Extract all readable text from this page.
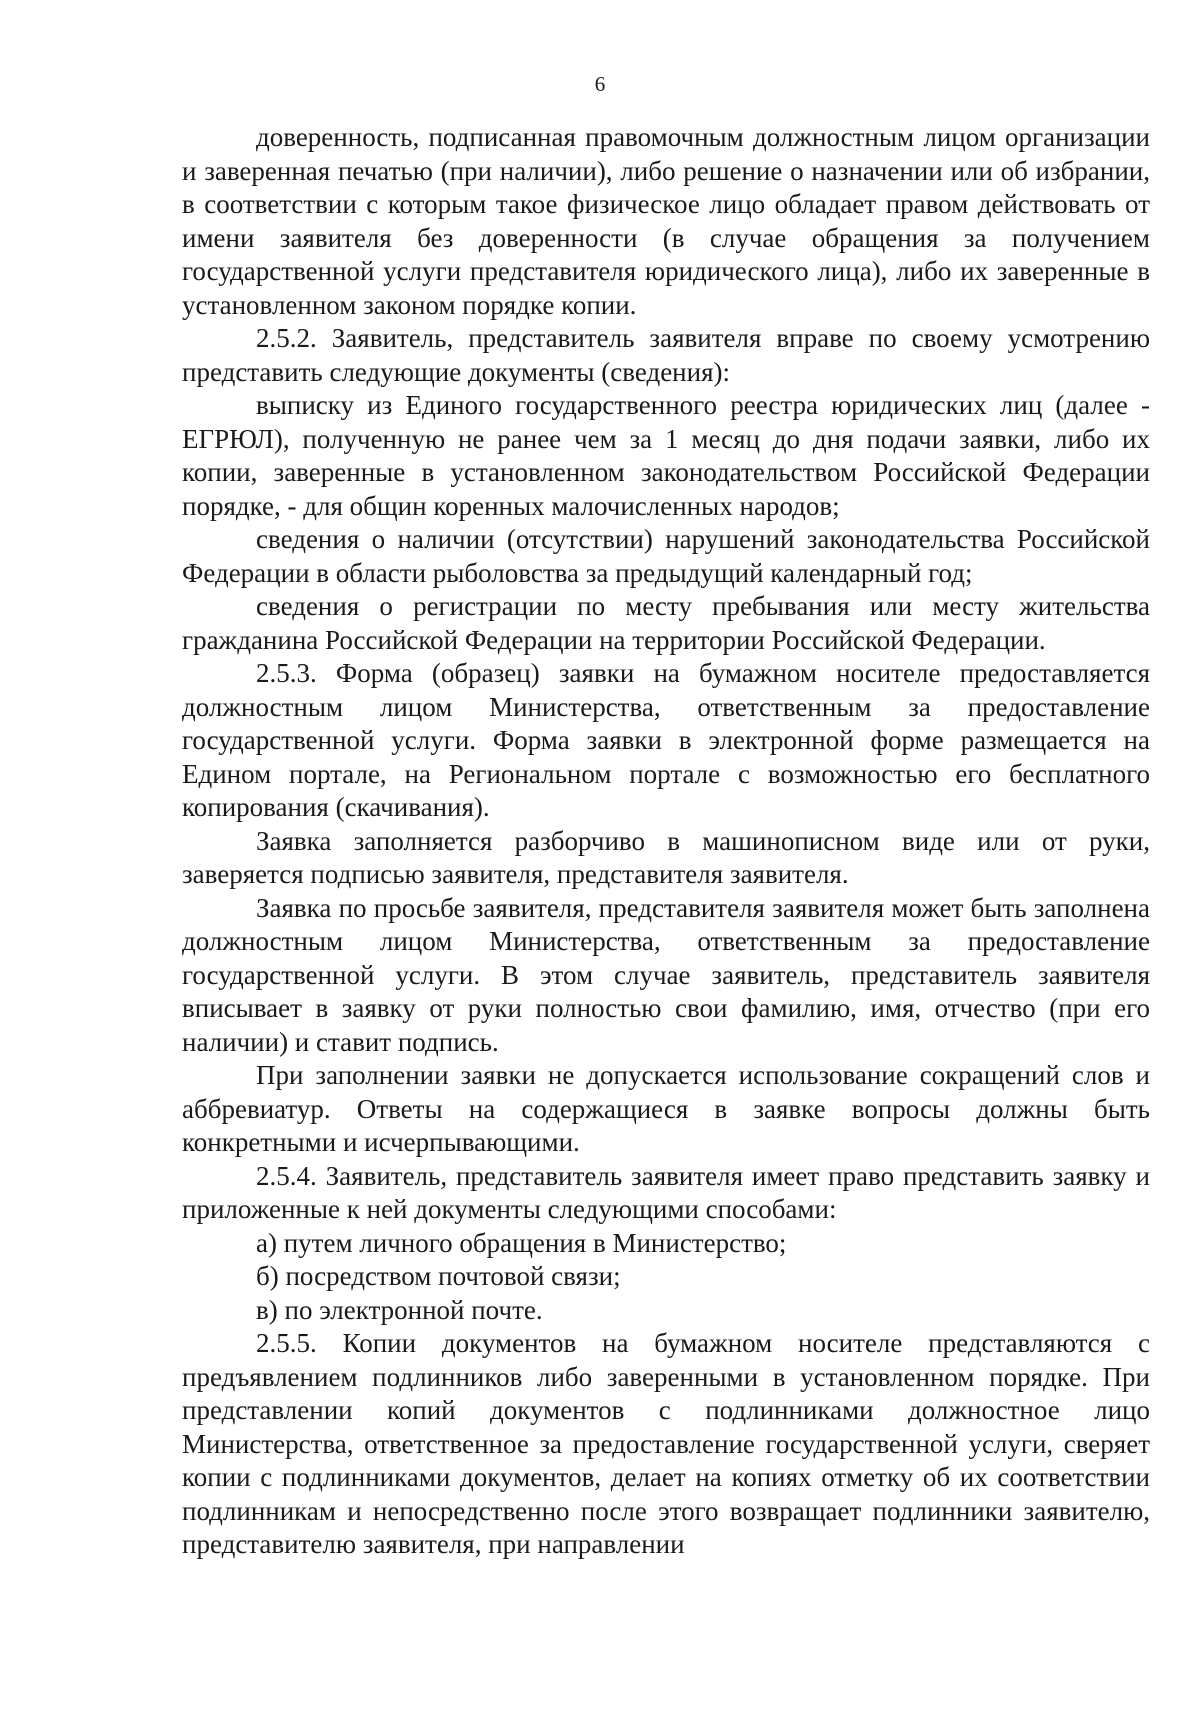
6

доверенность, подписанная правомочным должностным лицом организации и заверенная печатью (при наличии), либо решение о назначении или об избрании, в соответствии с которым такое физическое лицо обладает правом действовать от имени заявителя без доверенности (в случае обращения за получением государственной услуги представителя юридического лица), либо их заверенные в установленном законом порядке копии.

2.5.2. Заявитель, представитель заявителя вправе по своему усмотрению представить следующие документы (сведения):

выписку из Единого государственного реестра юридических лиц (далее - ЕГРЮЛ), полученную не ранее чем за 1 месяц до дня подачи заявки, либо их копии, заверенные в установленном законодательством Российской Федерации порядке, - для общин коренных малочисленных народов;

сведения о наличии (отсутствии) нарушений законодательства Российской Федерации в области рыболовства за предыдущий календарный год;

сведения о регистрации по месту пребывания или месту жительства гражданина Российской Федерации на территории Российской Федерации.

2.5.3. Форма (образец) заявки на бумажном носителе предоставляется должностным лицом Министерства, ответственным за предоставление государственной услуги. Форма заявки в электронной форме размещается на Едином портале, на Региональном портале с возможностью его бесплатного копирования (скачивания).

Заявка заполняется разборчиво в машинописном виде или от руки, заверяется подписью заявителя, представителя заявителя.

Заявка по просьбе заявителя, представителя заявителя может быть заполнена должностным лицом Министерства, ответственным за предоставление государственной услуги. В этом случае заявитель, представитель заявителя вписывает в заявку от руки полностью свои фамилию, имя, отчество (при его наличии) и ставит подпись.

При заполнении заявки не допускается использование сокращений слов и аббревиатур. Ответы на содержащиеся в заявке вопросы должны быть конкретными и исчерпывающими.

2.5.4. Заявитель, представитель заявителя имеет право представить заявку и приложенные к ней документы следующими способами:

а) путем личного обращения в Министерство;

б) посредством почтовой связи;

в) по электронной почте.

2.5.5. Копии документов на бумажном носителе представляются с предъявлением подлинников либо заверенными в установленном порядке. При представлении копий документов с подлинниками должностное лицо Министерства, ответственное за предоставление государственной услуги, сверяет копии с подлинниками документов, делает на копиях отметку об их соответствии подлинникам и непосредственно после этого возвращает подлинники заявителю, представителю заявителя, при направлении
